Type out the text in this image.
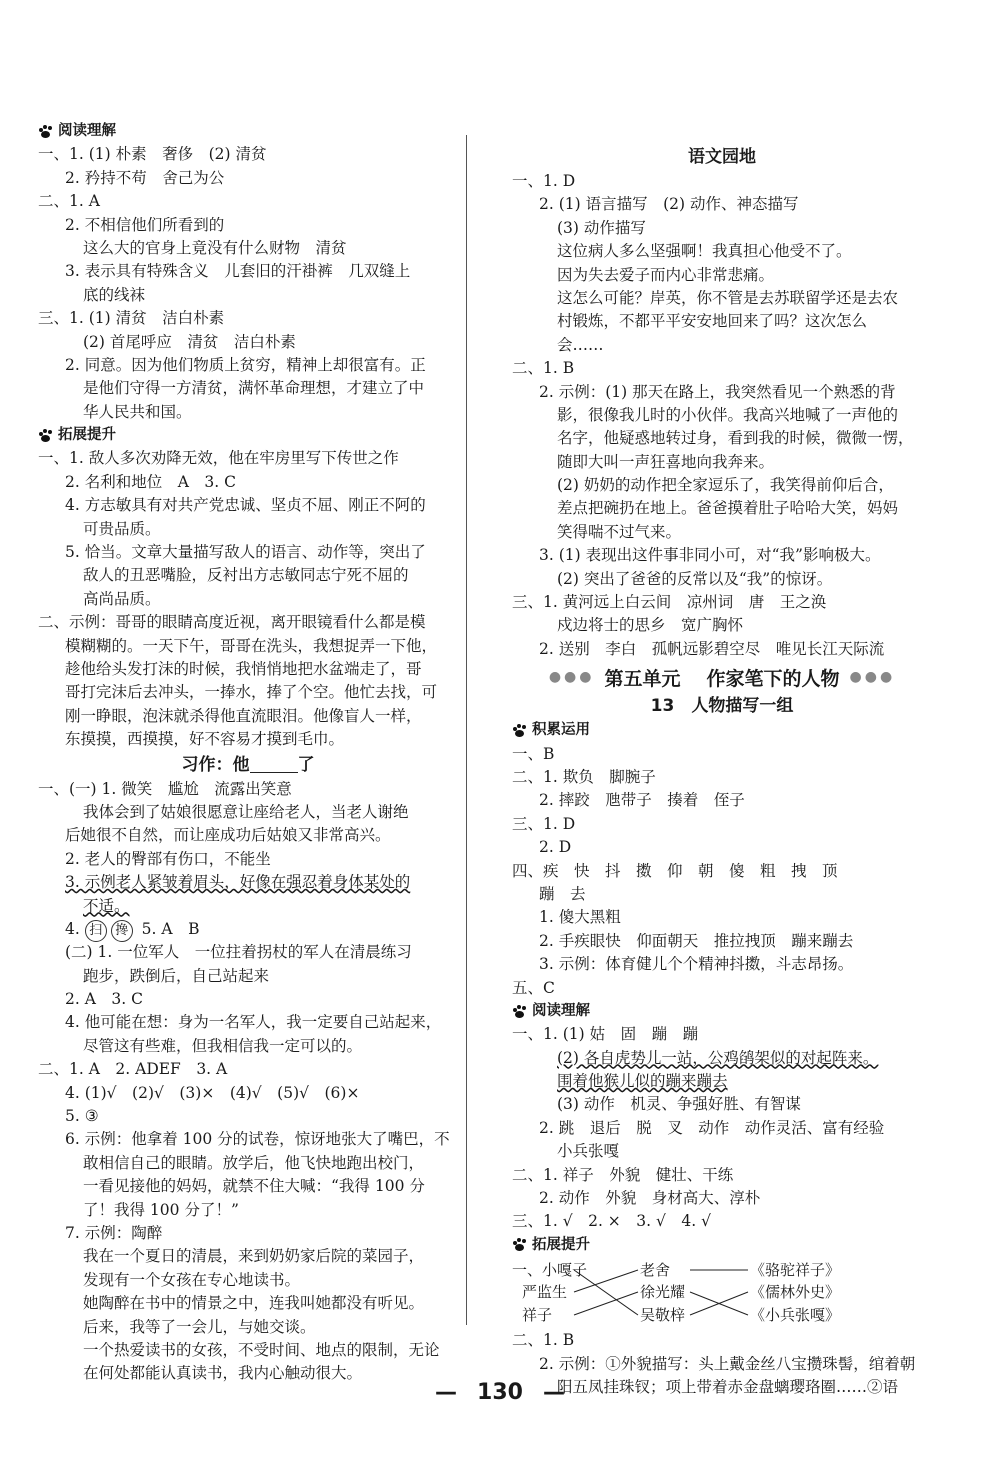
阅读理解
一、1. (1) 朴素　奢侈　(2) 清贫
2. 矜持不苟　舍己为公
二、1. A
2. 不相信他们所看到的
这么大的官身上竟没有什么财物　清贫
3. 表示具有特殊含义　儿套旧的汗褂裤　几双缝上
底的线袜
三、1. (1) 清贫　洁白朴素
(2) 首尾呼应　清贫　洁白朴素
2. 同意。因为他们物质上贫穷，精神上却很富有。正
是他们守得一方清贫，满怀革命理想，才建立了中
华人民共和国。
拓展提升
一、1. 敌人多次劝降无效，他在牢房里写下传世之作
2. 名利和地位　A　3. C
4. 方志敏具有对共产党忠诚、坚贞不屈、刚正不阿的
可贵品质。
5. 恰当。文章大量描写敌人的语言、动作等，突出了
敌人的丑恶嘴脸，反衬出方志敏同志宁死不屈的
高尚品质。
二、示例：哥哥的眼睛高度近视，离开眼镜看什么都是模
模糊糊的。一天下午，哥哥在洗头，我想捉弄一下他，
趁他给头发打沫的时候，我悄悄地把水盆端走了，哥
哥打完沫后去冲头，一捧水，捧了个空。他忙去找，可
刚一睁眼，泡沫就杀得他直流眼泪。他像盲人一样，
东摸摸，西摸摸，好不容易才摸到毛巾。
习作：他	了
一、(一) 1. 微笑　尴尬　流露出笑意
我体会到了姑娘很愿意让座给老人，当老人谢绝
后她很不自然，而让座成功后姑娘又非常高兴。
2. 老人的臀部有伤口，不能坐
3. 示例老人紧皱着眉头，好像在强忍着身体某处的
不适。
4. 扫 搀 5. A　B
(二) 1. 一位军人　一位拄着拐杖的军人在清晨练习
跑步，跌倒后，自己站起来
2. A　3. C
4. 他可能在想：身为一名军人，我一定要自己站起来，
尽管这有些难，但我相信我一定可以的。
二、1. A　2. ADEF　3. A
4. (1)√　(2)√　(3)×　(4)√　(5)√　(6)×
5. ③
6. 示例：他拿着 100 分的试卷，惊讶地张大了嘴巴，不
敢相信自己的眼睛。放学后，他飞快地跑出校门，
一看见接他的妈妈，就禁不住大喊：“我得 100 分
了！我得 100 分了！”
7. 示例：陶醉
我在一个夏日的清晨，来到奶奶家后院的菜园子，
发现有一个女孩在专心地读书。
她陶醉在书中的情景之中，连我叫她都没有听见。
后来，我等了一会儿，与她交谈。
一个热爱读书的女孩，不受时间、地点的限制，无论
在何处都能认真读书，我内心触动很大。
语文园地
一、1. D
2. (1) 语言描写　(2) 动作、神态描写
(3) 动作描写
这位病人多么坚强啊！我真担心他受不了。
因为失去爱子而内心非常悲痛。
这怎么可能？岸英，你不管是去苏联留学还是去农
村锻炼，不都平平安安地回来了吗？这次怎么
会……
二、1. B
2. 示例：(1) 那天在路上，我突然看见一个熟悉的背
影，很像我儿时的小伙伴。我高兴地喊了一声他的
名字，他疑惑地转过身，看到我的时候，微微一愣，
随即大叫一声狂喜地向我奔来。
(2) 奶奶的动作把全家逗乐了，我笑得前仰后合，
差点把碗扔在地上。爸爸摸着肚子哈哈大笑，妈妈
笑得喘不过气来。
3. (1) 表现出这件事非同小可，对“我”影响极大。
(2) 突出了爸爸的反常以及“我”的惊讶。
三、1. 黄河远上白云间　凉州词　唐　王之涣
戍边将士的思乡　宽广胸怀
2. 送别　李白　孤帆远影碧空尽　唯见长江天际流
●●● 第五单元 作家笔下的人物 ●●●
13　人物描写一组
积累运用
一、B
二、1. 欺负　脚腕子
2. 摔跤　虺带子　揍着　侄子
三、1. D
2. D
四、疾　快　抖　擞　仰　朝　傻　粗　拽　顶
蹦　去
1. 傻大黑粗
2. 手疾眼快　仰面朝天　推拉拽顶　蹦来蹦去
3. 示例：体育健儿个个精神抖擞，斗志昂扬。
五、C
阅读理解
一、1. (1) 姑　固　蹦　蹦
(2) 各自虎势儿一站，公鸡鹐架似的对起阵来。
围着他猴儿似的蹦来蹦去
(3) 动作　机灵、争强好胜、有智谋
2. 跳　退后　脱　叉　动作　动作灵活、富有经验
小兵张嘎
二、1. 祥子　外貌　健壮、干练
2. 动作　外貌　身材高大、淳朴
三、1. √　2. ×　3. √　4. √
拓展提升
一、小嘎子
严监生
祥子
老舍
徐光耀
吴敬梓
《骆驼祥子》
《儒林外史》
《小兵张嘎》
二、1. B
2. 示例：①外貌描写：头上戴金丝八宝攒珠髻，绾着朝
阳五凤挂珠钗；项上带着赤金盘螭璎珞圈……②语
— 130 —
